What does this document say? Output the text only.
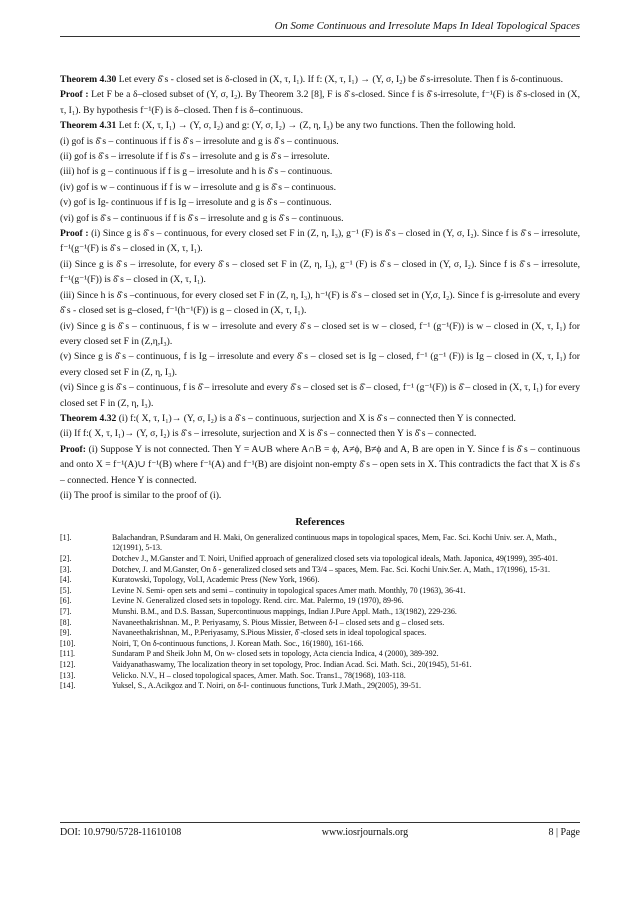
On Some Continuous and Irresolute Maps In Ideal Topological Spaces

Theorem 4.30 Let every δ̂ s - closed set is δ-closed in (X, τ, I₁). If f: (X, τ, I₁) → (Y, σ, I₂) be δ̂ s-irresolute. Then f is δ-continuous.

Proof : Let F be a δ–closed subset of (Y, σ, I₂). By Theorem 3.2 [8], F is δ̂ s-closed. Since f is δ̂ s-irresolute, f⁻¹(F) is δ̂ s-closed in (X, τ, I₁). By hypothesis f⁻¹(F) is δ–closed. Then f is δ–continuous.

Theorem 4.31 Let f: (X, τ, I₁) → (Y, σ, I₂) and g: (Y, σ, I₂) → (Z, η, I₃) be any two functions. Then the following hold.

(i) gof is δ̂ s – continuous if f is δ̂ s – irresolute and g is δ̂ s – continuous.

(ii) gof is δ̂ s – irresolute if f is δ̂ s – irresolute and g is δ̂ s – irresolute.

(iii) hof is g – continuous if f is g – irresolute and h is δ̂ s – continuous.

(iv) gof is w – continuous if f is w – irresolute and g is δ̂ s – continuous.

(v) gof is Ig- continuous if f is Ig – irresolute and g is δ̂ s – continuous.

(vi) gof is δ̂ s – continuous if f is δ̂ s – irresolute and g is δ̂ s – continuous.

Proof : (i) Since g is δ̂ s – continuous, for every closed set F in (Z, η, I₃), g⁻¹ (F) is δ̂ s – closed in (Y, σ, I₂). Since f is δ̂ s – irresolute, f⁻¹(g⁻¹(F) is δ̂ s – closed in (X, τ, I₁).

(ii) Since g is δ̂ s – irresolute, for every δ̂ s – closed set F in (Z, η, I₃), g⁻¹ (F) is δ̂ s – closed in (Y, σ, I₂). Since f is δ̂ s – irresolute, f⁻¹(g⁻¹(F)) is δ̂ s – closed in (X, τ, I₁).

(iii) Since h is δ̂ s –continuous, for every closed set F in (Z, η, I₃), h⁻¹(F) is δ̂ s – closed set in (Y,σ, I₂). Since f is g-irresolute and every δ̂ s - closed set is g–closed, f⁻¹(h⁻¹(F)) is g – closed in (X, τ, I₁).

(iv) Since g is δ̂ s – continuous, f is w – irresolute and every δ̂ s – closed set is w – closed, f⁻¹ (g⁻¹(F)) is w – closed in (X, τ, I₁) for every closed set F in (Z,η,I₃).

(v) Since g is δ̂ s – continuous, f is Ig – irresolute and every δ̂ s – closed set is Ig – closed, f⁻¹ (g⁻¹ (F)) is Ig – closed in (X, τ, I₁) for every closed set F in (Z, η, I₃).

(vi) Since g is δ̂ s – continuous, f is δ̂ – irresolute and every δ̂ s – closed set is δ̂ – closed, f⁻¹ (g⁻¹(F)) is δ̂ – closed in (X, τ, I₁) for every closed set F in (Z, η, I₃).

Theorem 4.32 (i) f:( X, τ, I₁)→ (Y, σ, I₂) is a δ̂ s – continuous, surjection and X is δ̂ s – connected then Y is connected.

(ii) If f:( X, τ, I₁)→ (Y, σ, I₂) is δ̂ s – irresolute, surjection and X is δ̂ s – connected then Y is δ̂ s – connected.

Proof: (i) Suppose Y is not connected. Then Y = A∪B where A∩B = ϕ, A≠ϕ, B≠ϕ and A, B are open in Y. Since f is δ̂ s – continuous and onto X = f⁻¹(A)∪ f⁻¹(B) where f⁻¹(A) and f⁻¹(B) are disjoint non-empty δ̂ s – open sets in X. This contradicts the fact that X is δ̂ s – connected. Hence Y is connected.

(ii) The proof is similar to the proof of (i).

References
[1].	Balachandran, P.Sundaram and H. Maki, On generalized continuous maps in topological spaces, Mem, Fac. Sci. Kochi Univ. ser. A, Math., 12(1991), 5-13.
[2].	Dotchev J., M.Ganster and T. Noiri, Unified approach of generalized closed sets via topological ideals, Math. Japonica, 49(1999), 395-401.
[3].	Dotchev, J. and M.Ganster, On δ - generalized closed sets and T3/4 – spaces, Mem. Fac. Sci. Kochi Univ.Ser. A, Math., 17(1996), 15-31.
[4].	Kuratowski, Topology, Vol.I, Academic Press (New York, 1966).
[5].	Levine N. Semi- open sets and semi – continuity in topological spaces Amer math. Monthly, 70 (1963), 36-41.
[6].	Levine N. Generalized closed sets in topology. Rend. circ. Mat. Palermo, 19 (1970), 89-96.
[7].	Munshi. B.M., and D.S. Bassan, Supercontinuous mappings, Indian J.Pure Appl. Math., 13(1982), 229-236.
[8].	Navaneethakrishnan. M., P. Periyasamy, S. Pious Missier, Between δ-I – closed sets and g – closed sets.
[9].	Navaneethakrishnan, M., P.Periyasamy, S.Pious Missier, δ̂ -closed sets in ideal topological spaces.
[10].	Noiri, T, On δ-continuous functions, J. Korean Math. Soc., 16(1980), 161-166.
[11].	Sundaram P and Sheik John M, On w- closed sets in topology, Acta ciencia Indica, 4 (2000), 389-392.
[12].	Vaidyanathaswamy, The localization theory in set topology, Proc. Indian Acad. Sci. Math. Sci., 20(1945), 51-61.
[13].	Velicko. N.V., H – closed topological spaces, Amer. Math. Soc. Trans1., 78(1968), 103-118.
[14].	Yuksel, S., A.Acikgoz and T. Noiri, on δ-I- continuous functions, Turk J.Math., 29(2005), 39-51.
DOI: 10.9790/5728-11610108	www.iosrjournals.org	8 | Page
